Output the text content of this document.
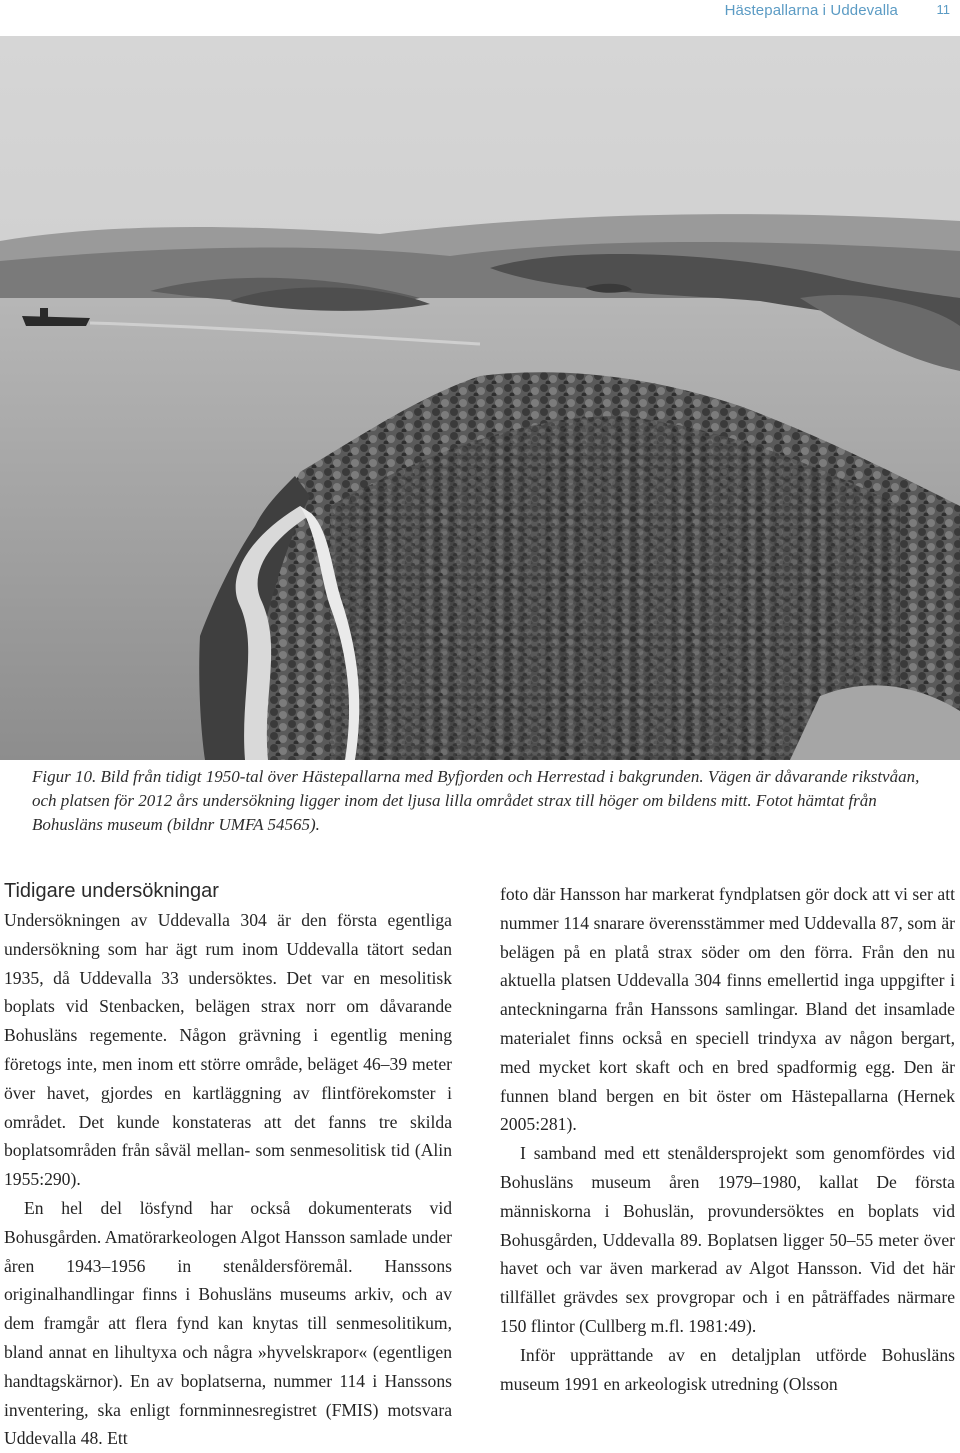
Hästepallarna i Uddevalla	11

Figur 10. Bild från tidigt 1950-tal över Hästepallarna med Byfjorden och Herrestad i bakgrunden. Vägen är dåvarande rikstvåan, och platsen för 2012 års undersökning ligger inom det ljusa lilla området strax till höger om bildens mitt. Fotot hämtat från Bohusläns museum (bildnr UMFA 54565).

Tidigare undersökningar

Undersökningen av Uddevalla 304 är den första egentliga undersökning som har ägt rum inom Uddevalla tätort sedan 1935, då Uddevalla 33 undersöktes. Det var en mesolitisk boplats vid Stenbacken, belägen strax norr om dåvarande Bohusläns regemente. Någon grävning i egentlig mening företogs inte, men inom ett större område, beläget 46–39 meter över havet, gjordes en kartläggning av flintförekomster i området. Det kunde konstateras att det fanns tre skilda boplatsområden från såväl mellan- som senmesolitisk tid (Alin 1955:290).

En hel del lösfynd har också dokumenterats vid Bohusgården. Amatörarkeologen Algot Hansson samlade under åren 1943–1956 in stenåldersföremål. Hanssons originalhandlingar finns i Bohusläns museums arkiv, och av dem framgår att flera fynd kan knytas till senmesolitikum, bland annat en lihultyxa och några »hyvelskrapor« (egentligen handtagskärnor). En av boplatserna, nummer 114 i Hanssons inventering, ska enligt fornminnesregistret (FMIS) motsvara Uddevalla 48. Ett

foto där Hansson har markerat fyndplatsen gör dock att vi ser att nummer 114 snarare överensstämmer med Uddevalla 87, som är belägen på en platå strax söder om den förra. Från den nu aktuella platsen Uddevalla 304 finns emellertid inga uppgifter i anteckningarna från Hanssons samlingar. Bland det insamlade materialet finns också en speciell trindyxa av någon bergart, med mycket kort skaft och en bred spadformig egg. Den är funnen bland bergen en bit öster om Hästepallarna (Hernek 2005:281).

I samband med ett stenåldersprojekt som genomfördes vid Bohusläns museum åren 1979–1980, kallat De första människorna i Bohuslän, provundersöktes en boplats vid Bohusgården, Uddevalla 89. Boplatsen ligger 50–55 meter över havet och var även markerad av Algot Hansson. Vid det här tillfället grävdes sex provgropar och i en påträffades närmare 150 flintor (Cullberg m.fl. 1981:49).

Inför upprättande av en detaljplan utförde Bohusläns museum 1991 en arkeologisk utredning (Olsson
